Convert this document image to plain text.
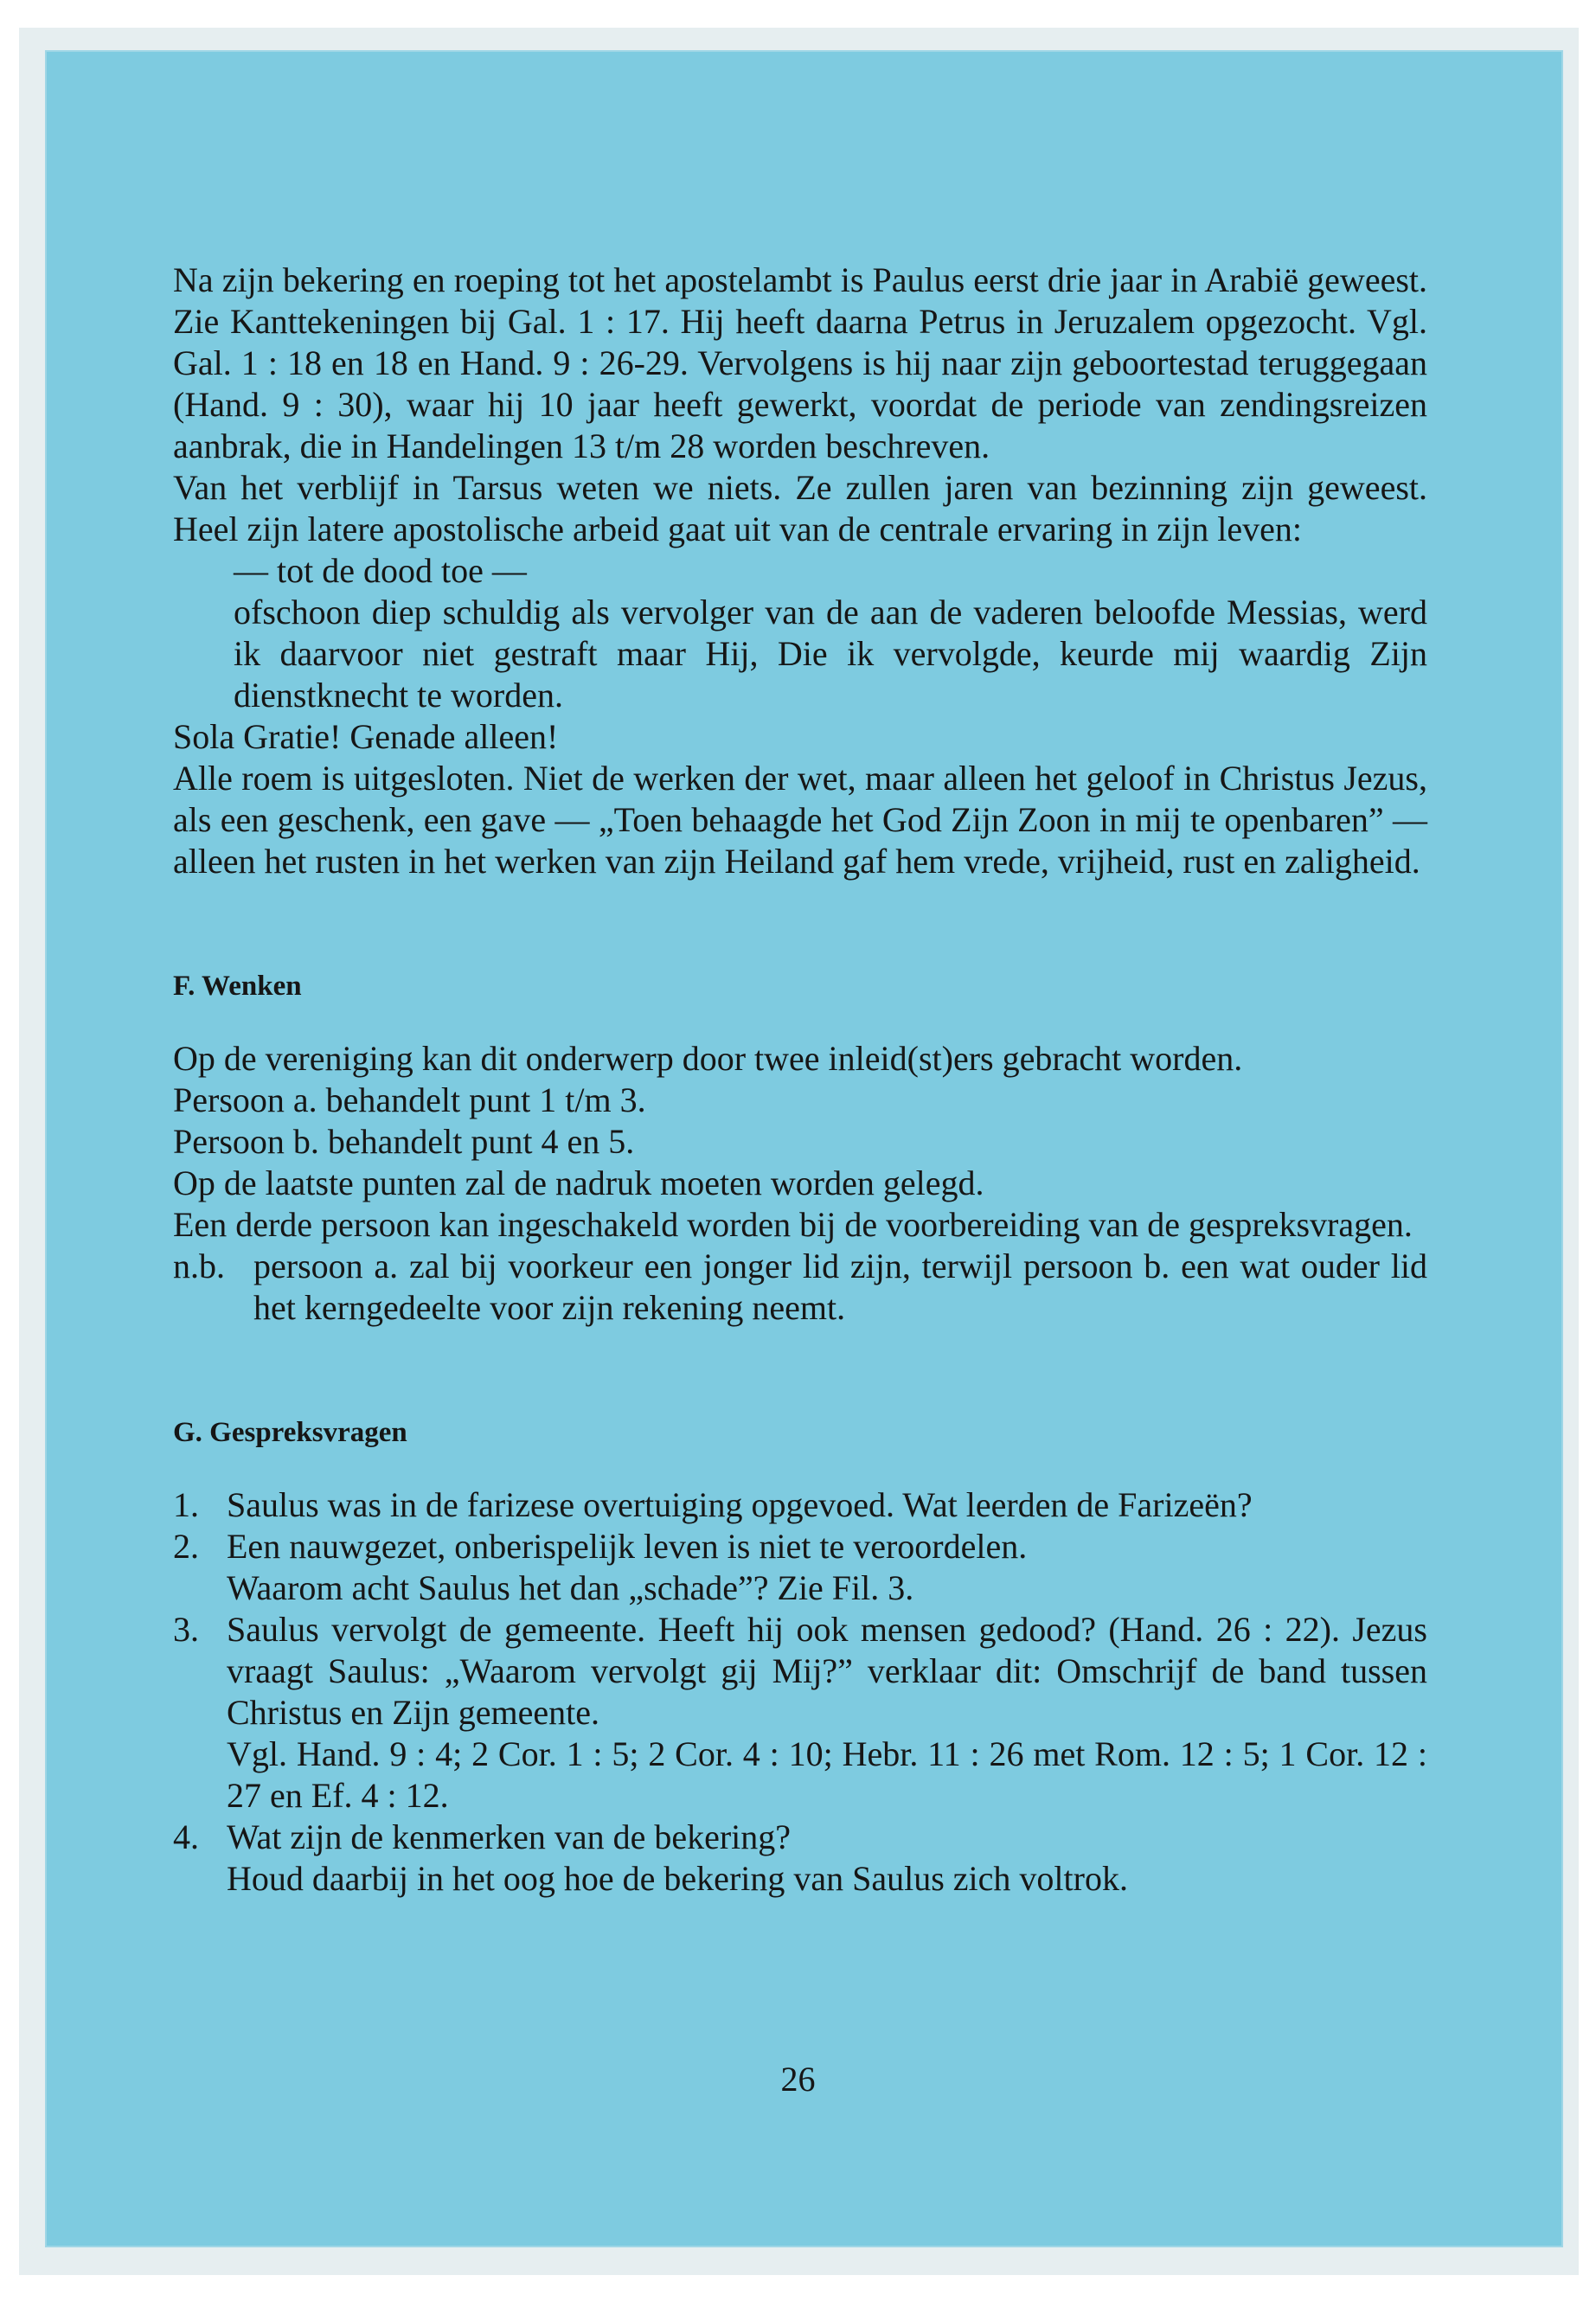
Na zijn bekering en roeping tot het apostelambt is Paulus eerst drie jaar in Arabië geweest. Zie Kanttekeningen bij Gal. 1 : 17. Hij heeft daarna Petrus in Jeruzalem opgezocht. Vgl. Gal. 1 : 18 en 18 en Hand. 9 : 26-29. Vervolgens is hij naar zijn geboortestad teruggegaan (Hand. 9 : 30), waar hij 10 jaar heeft gewerkt, voordat de periode van zendingsreizen aanbrak, die in Handelingen 13 t/m 28 worden beschreven.

Van het verblijf in Tarsus weten we niets. Ze zullen jaren van bezinning zijn geweest. Heel zijn latere apostolische arbeid gaat uit van de centrale ervaring in zijn leven:

— tot de dood toe —

ofschoon diep schuldig als vervolger van de aan de vaderen beloofde Messias, werd ik daarvoor niet gestraft maar Hij, Die ik vervolgde, keurde mij waardig Zijn dienstknecht te worden.

Sola Gratie! Genade alleen!

Alle roem is uitgesloten. Niet de werken der wet, maar alleen het geloof in Christus Jezus, als een geschenk, een gave — „Toen behaagde het God Zijn Zoon in mij te openbaren” — alleen het rusten in het werken van zijn Heiland gaf hem vrede, vrijheid, rust en zaligheid.

F. Wenken

Op de vereniging kan dit onderwerp door twee inleid(st)ers gebracht worden.

Persoon a. behandelt punt 1 t/m 3.

Persoon b. behandelt punt 4 en 5.

Op de laatste punten zal de nadruk moeten worden gelegd.

Een derde persoon kan ingeschakeld worden bij de voorbereiding van de gespreksvragen.

n.b. persoon a. zal bij voorkeur een jonger lid zijn, terwijl persoon b. een wat ouder lid het kerngedeelte voor zijn rekening neemt.

G. Gespreksvragen

1. Saulus was in de farizese overtuiging opgevoed. Wat leerden de Farizeën?

2. Een nauwgezet, onberispelijk leven is niet te veroordelen.

Waarom acht Saulus het dan „schade”? Zie Fil. 3.

3. Saulus vervolgt de gemeente. Heeft hij ook mensen gedood? (Hand. 26 : 22). Jezus vraagt Saulus: „Waarom vervolgt gij Mij?” verklaar dit: Omschrijf de band tussen Christus en Zijn gemeente.

Vgl. Hand. 9 : 4; 2 Cor. 1 : 5; 2 Cor. 4 : 10; Hebr. 11 : 26 met Rom. 12 : 5; 1 Cor. 12 : 27 en Ef. 4 : 12.

4. Wat zijn de kenmerken van de bekering?

Houd daarbij in het oog hoe de bekering van Saulus zich voltrok.

26
